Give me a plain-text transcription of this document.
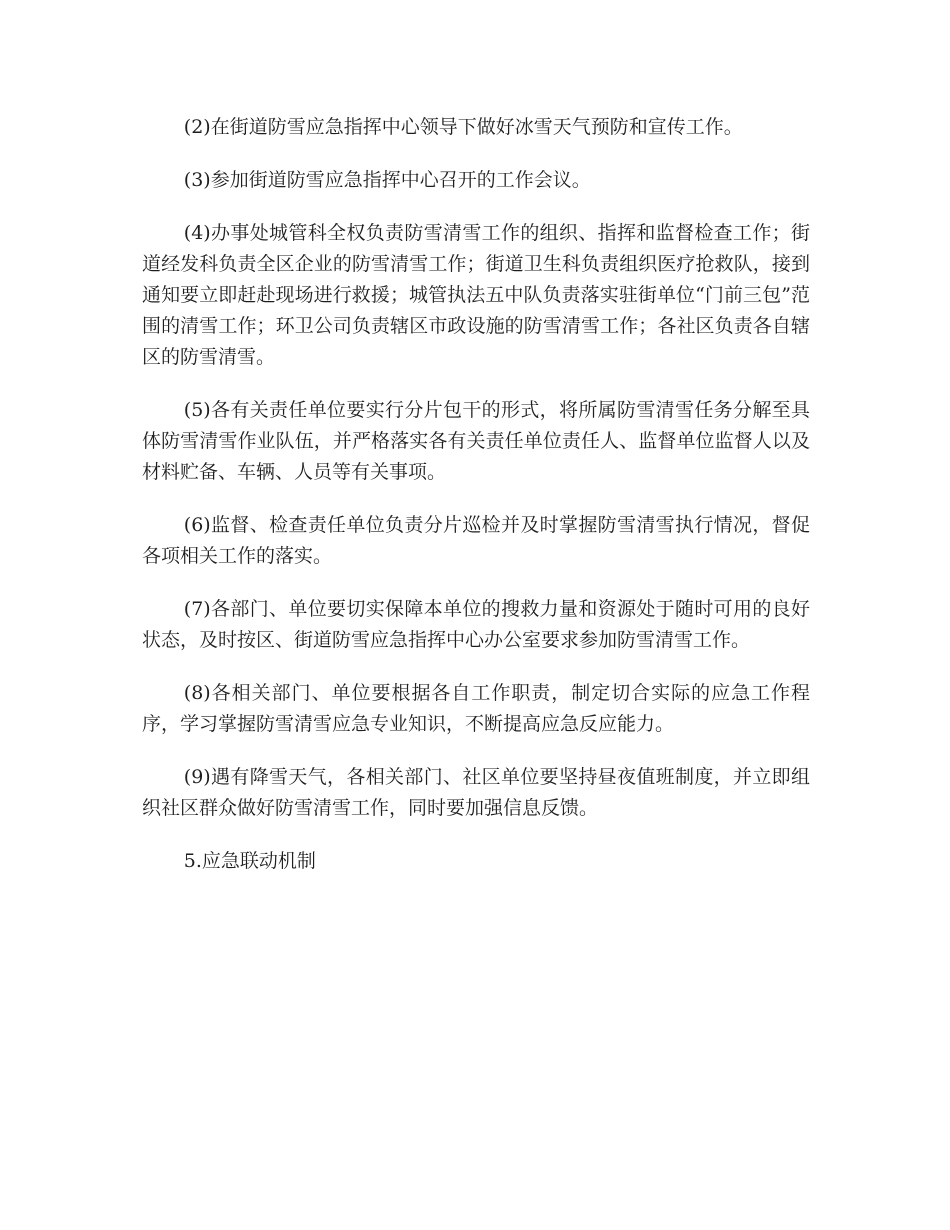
(2)在街道防雪应急指挥中心领导下做好冰雪天气预防和宣传工作。

(3)参加街道防雪应急指挥中心召开的工作会议。

(4)办事处城管科全权负责防雪清雪工作的组织、指挥和监督检查工作；街道经发科负责全区企业的防雪清雪工作；街道卫生科负责组织医疗抢救队，接到通知要立即赶赴现场进行救援；城管执法五中队负责落实驻街单位“门前三包”范围的清雪工作；环卫公司负责辖区市政设施的防雪清雪工作；各社区负责各自辖区的防雪清雪。

(5)各有关责任单位要实行分片包干的形式，将所属防雪清雪任务分解至具体防雪清雪作业队伍，并严格落实各有关责任单位责任人、监督单位监督人以及材料贮备、车辆、人员等有关事项。

(6)监督、检查责任单位负责分片巡检并及时掌握防雪清雪执行情况，督促各项相关工作的落实。

(7)各部门、单位要切实保障本单位的搜救力量和资源处于随时可用的良好状态，及时按区、街道防雪应急指挥中心办公室要求参加防雪清雪工作。

(8)各相关部门、单位要根据各自工作职责，制定切合实际的应急工作程序，学习掌握防雪清雪应急专业知识，不断提高应急反应能力。

(9)遇有降雪天气，各相关部门、社区单位要坚持昼夜值班制度，并立即组织社区群众做好防雪清雪工作，同时要加强信息反馈。

5.应急联动机制
